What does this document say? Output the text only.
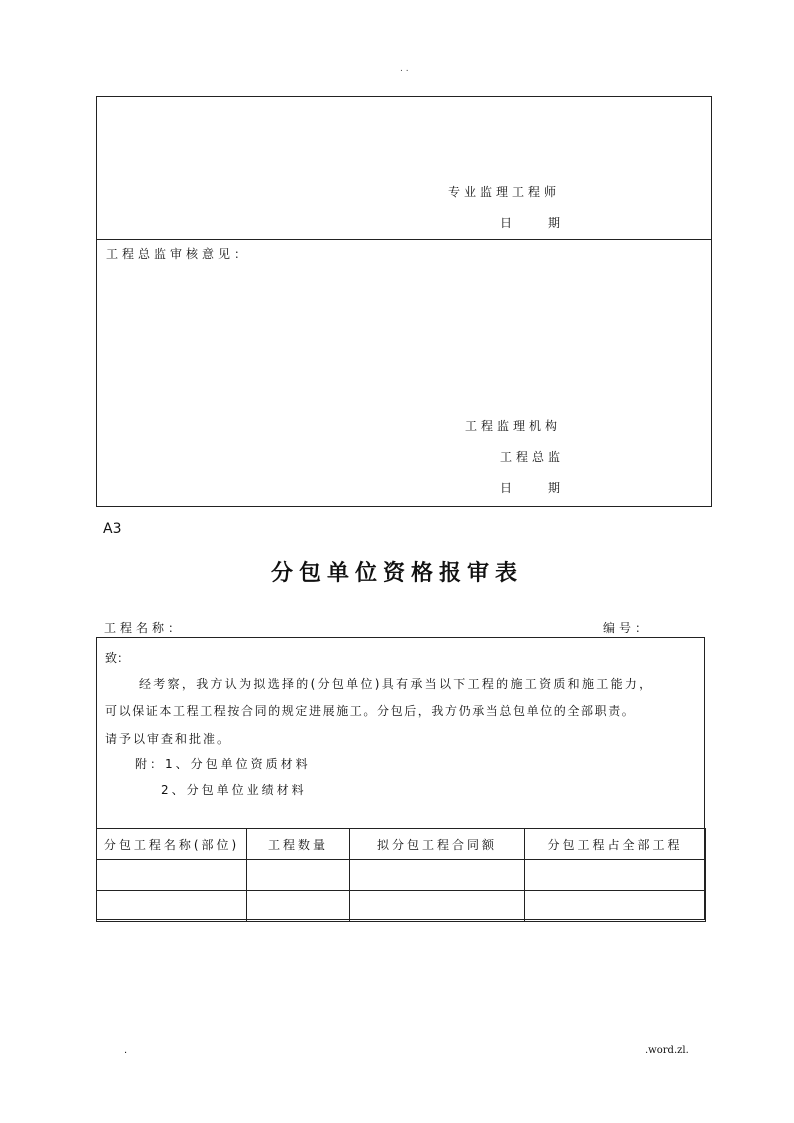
. .
专业监理工程师
日　　期
工程总监审核意见：
工程监理机构
工程总监
日　　期
A3
分包单位资格报审表
工程名称：	编号：
致：
经考察，我方认为拟选择的(分包单位)具有承当以下工程的施工资质和施工能力，
可以保证本工程工程按合同的规定进展施工。分包后，我方仍承当总包单位的全部职责。
请予以审查和批准。
附：1、分包单位资质材料
2、分包单位业绩材料
分包工程名称(部位)	工程数量	拟分包工程合同额	分包工程占全部工程

.	.word.zl.
